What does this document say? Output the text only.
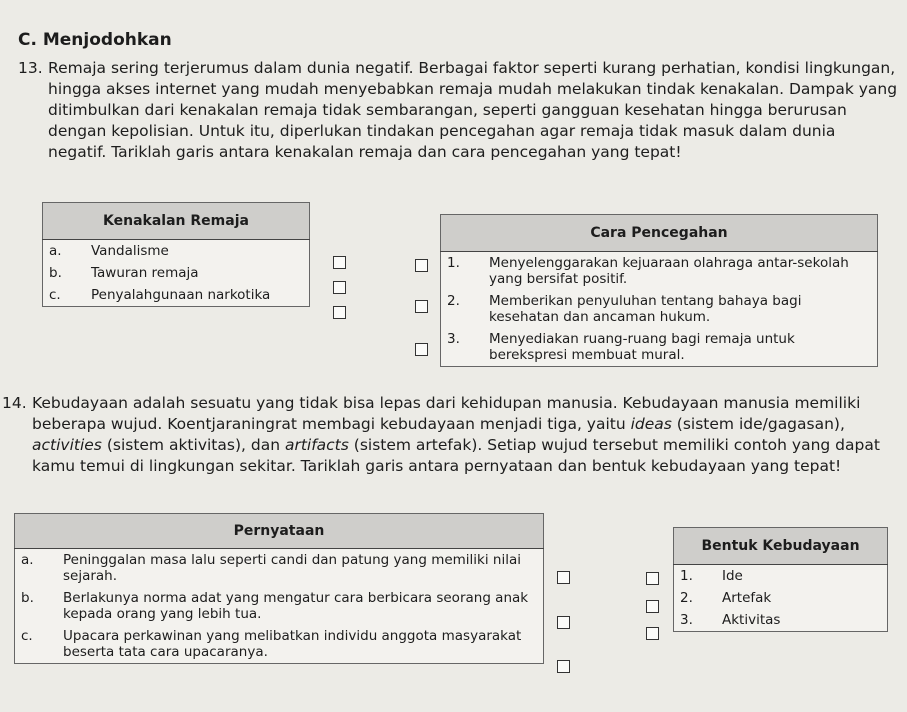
C. Menjodohkan
13. Remaja sering terjerumus dalam dunia negatif. Berbagai faktor seperti kurang perhatian, kondisi lingkungan, hingga akses internet yang mudah menyebabkan remaja mudah melakukan tindak kenakalan. Dampak yang ditimbulkan dari kenakalan remaja tidak sembarangan, seperti gangguan kesehatan hingga berurusan dengan kepolisian. Untuk itu, diperlukan tindakan pencegahan agar remaja tidak masuk dalam dunia negatif. Tariklah garis antara kenakalan remaja dan cara pencegahan yang tepat!
Kenakalan Remaja	
a.	Vandalisme
b.	Tawuran remaja
c.	Penyalahgunaan narkotika
Cara Pencegahan	
1.	Menyelenggarakan kejuaraan olahraga antar-sekolah yang bersifat positif.
2.	Memberikan penyuluhan tentang bahaya bagi kesehatan dan ancaman hukum.
3.	Menyediakan ruang-ruang bagi remaja untuk berekspresi membuat mural.
14. Kebudayaan adalah sesuatu yang tidak bisa lepas dari kehidupan manusia. Kebudayaan manusia memiliki beberapa wujud. Koentjaraningrat membagi kebudayaan menjadi tiga, yaitu ideas (sistem ide/gagasan), activities (sistem aktivitas), dan artifacts (sistem artefak). Setiap wujud tersebut memiliki contoh yang dapat kamu temui di lingkungan sekitar. Tariklah garis antara pernyataan dan bentuk kebudayaan yang tepat!
Pernyataan	
a.	Peninggalan masa lalu seperti candi dan patung yang memiliki nilai sejarah.
b.	Berlakunya norma adat yang mengatur cara berbicara seorang anak kepada orang yang lebih tua.
c.	Upacara perkawinan yang melibatkan individu anggota masyarakat beserta tata cara upacaranya.
Bentuk Kebudayaan	
1.	Ide
2.	Artefak
3.	Aktivitas
